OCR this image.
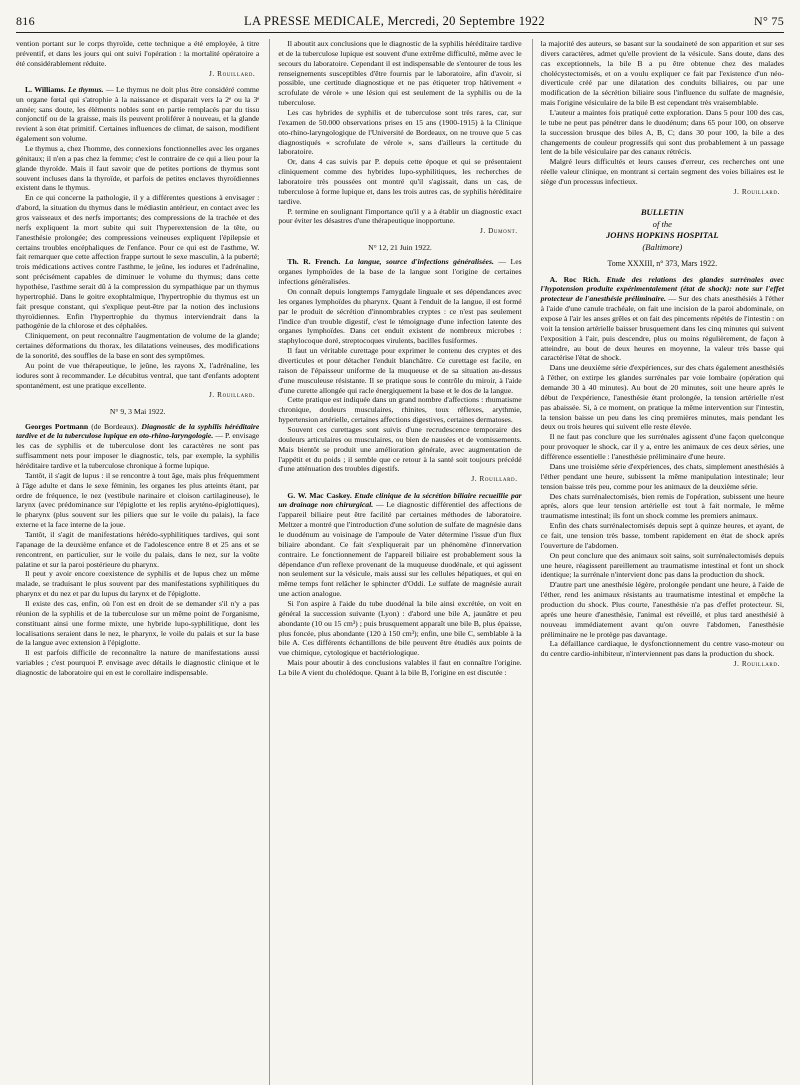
816	LA PRESSE MEDICALE, Mercredi, 20 Septembre 1922	N° 75

vention portant sur le corps thyroïde, cette technique a été employée, à titre préventif, et dans les jours qui ont suivi l'opération : la mortalité opératoire a été considérablement réduite.

J. Rouillard.

L. Williams. Le thymus. — Le thymus ne doit plus être considéré comme un organe fœtal qui s'atrophie à la naissance et disparait vers la 2ᵉ ou la 3ᵉ année; sans doute, les éléments nobles sont en partie remplacés par du tissu conjonctif ou de la graisse, mais ils peuvent proliférer à nouveau, et la glande revient à son état primitif. Certaines influences de climat, de saison, modifient également son volume.

Le thymus a, chez l'homme, des connexions fonctionnelles avec les organes génitaux; il n'en a pas chez la femme; c'est le contraire de ce qui a lieu pour la glande thyroïde. Mais il faut savoir que de petites portions de thymus sont souvent incluses dans la thyroïde, et parfois de petites enclaves thyroïdiennes existent dans le thymus.

En ce qui concerne la pathologie, il y a différentes questions à envisager : d'abord, la situation du thymus dans le médiastin antérieur, en contact avec les gros vaisseaux et des nerfs importants; des compressions de la trachée et des nerfs expliquent la mort subite qui suit l'hyperextension de la tête, ou l'anesthésie prolongée; des compressions veineuses expliquent l'épilepsie et certains troubles encéphaliques de l'enfance. Pour ce qui est de l'asthme, W. fait remarquer que cette affection frappe surtout le sexe masculin, à la puberté; trois médications actives contre l'asthme, le jeûne, les iodures et l'adrénaline, sont précisément capables de diminuer le volume du thymus; dans cette hypothèse, l'asthme serait dû à la compression du sympathique par un thymus hypertrophié. Dans le goitre exophtalmique, l'hypertrophie du thymus est un fait presque constant, qui s'explique peut-être par la notion des inclusions thyroïdiennes. Enfin l'hypertrophie du thymus interviendrait dans la pathogénie de la chlorose et des céphalées.

Cliniquement, on peut reconnaître l'augmentation de volume de la glande; certaines déformations du thorax, les dilatations veineuses, des modifications de la sonorité, des souffles de la base en sont des symptômes.

Au point de vue thérapeutique, le jeûne, les rayons X, l'adrénaline, les iodures sont à recommander. Le décubitus ventral, que tant d'enfants adoptent spontanément, est une pratique excellente.

J. Rouillard.
N° 9, 3 Mai 1922.

Georges Portmann (de Bordeaux). Diagnostic de la syphilis héréditaire tardive et de la tuberculose lupique en oto-rhino-laryngologie. — P. envisage les cas de syphilis et de tuberculose dont les caractères ne sont pas suffisamment nets pour imposer le diagnostic, tels, par exemple, la syphilis héréditaire tardive et la tuberculose chronique à forme lupique.

Tantôt, il s'agit de lupus : il se rencontre à tout âge, mais plus fréquemment à l'âge adulte et dans le sexe féminin, les organes les plus atteints étant, par ordre de fréquence, le nez (vestibule narinaire et cloison cartilagineuse), le larynx (avec prédominance sur l'épiglotte et les replis aryténo-épiglottiques), le pharynx (plus souvent sur les piliers que sur le voile du palais), la face externe et la face interne de la joue.

Tantôt, il s'agit de manifestations hérédo-syphilitiques tardives, qui sont l'apanage de la deuxième enfance et de l'adolescence entre 8 et 25 ans et se rencontrent, en particulier, sur le voile du palais, dans le nez, sur la voûte palatine et sur la paroi postérieure du pharynx.

Il peut y avoir encore coexistence de syphilis et de lupus chez un même malade, se traduisant le plus souvent par des manifestations syphilitiques du pharynx et du nez et par du lupus du larynx et de l'épiglotte.

Il existe des cas, enfin, où l'on est en droit de se demander s'il n'y a pas réunion de la syphilis et de la tuberculose sur un même point de l'organisme, constituant ainsi une forme mixte, une hybride lupo-syphilitique, dont les localisations seraient dans le nez, le pharynx, le voile du palais et sur la base de la langue avec extension à l'épiglotte.

Il est parfois difficile de reconnaître la nature de manifestations aussi variables ; c'est pourquoi P. envisage avec détails le diagnostic clinique et le diagnostic de laboratoire qui en est le corollaire indispensable.

Il aboutit aux conclusions que le diagnostic de la syphilis héréditaire tardive et de la tuberculose lupique est souvent d'une extrême difficulté, même avec le secours du laboratoire. Cependant il est indispensable de s'entourer de tous les renseignements susceptibles d'être fournis par le laboratoire, afin d'avoir, si possible, une certitude diagnostique et ne pas étiqueter trop hâtivement « scrofulate de vérole » une lésion qui est seulement de la syphilis ou de la tuberculose.

Les cas hybrides de syphilis et de tuberculose sont très rares, car, sur l'examen de 50.000 observations prises en 15 ans (1900-1915) à la Clinique oto-rhino-laryngologique de l'Université de Bordeaux, on ne trouve que 5 cas diagnostiqués « scrofulate de vérole », sans d'ailleurs la certitude du laboratoire.

Or, dans 4 cas suivis par P. depuis cette époque et qui se présentaient cliniquement comme des hybrides lupo-syphilitiques, les recherches de laboratoire très poussées ont montré qu'il s'agissait, dans un cas, de tuberculose à forme lupique et, dans les trois autres cas, de syphilis héréditaire tardive.

P. termine en soulignant l'importance qu'il y a à établir un diagnostic exact pour éviter les désastres d'une thérapeutique inopportune.

J. Dumont.
N° 12, 21 Juin 1922.

Th. R. French. La langue, source d'infections généralisées. — Les organes lymphoïdes de la base de la langue sont l'origine de certaines infections généralisées.

On connaît depuis longtemps l'amygdale linguale et ses dépendances avec les organes lymphoïdes du pharynx. Quant à l'enduit de la langue, il est formé par le produit de sécrétion d'innombrables cryptes : ce n'est pas seulement l'indice d'un trouble digestif, c'est le témoignage d'une infection latente des organes lymphoïdes. Dans cet enduit existent de nombreux microbes : staphylocoque doré, streptocoques virulents, bacilles fusiformes.

Il faut un véritable curettage pour exprimer le contenu des cryptes et des diverticules et pour détacher l'enduit blanchâtre. Ce curettage est facile, en raison de l'épaisseur uniforme de la muqueuse et de sa situation au-dessus d'une musculeuse résistante. Il se pratique sous le contrôle du miroir, à l'aide d'une curette allongée qui racle énergiquement la base et le dos de la langue.

Cette pratique est indiquée dans un grand nombre d'affections : rhumatisme chronique, douleurs musculaires, rhinites, toux réflexes, arythmie, hypertension artérielle, certaines affections digestives, certaines dermatoses.

Souvent ces curettages sont suivis d'une recrudescence temporaire des douleurs articulaires ou musculaires, ou bien de nausées et de vomissements. Mais bientôt se produit une amélioration générale, avec augmentation de l'appétit et du poids ; il semble que ce retour à la santé soit toujours précédé d'une atténuation des troubles digestifs.

J. Rouillard.

G. W. Mac Caskey. Etude clinique de la sécrétion biliaire recueillie par un drainage non chirurgical. — Le diagnostic différentiel des affections de l'appareil biliaire peut être facilité par certaines méthodes de laboratoire. Meltzer a montré que l'introduction d'une solution de sulfate de magnésie dans le duodénum au voisinage de l'ampoule de Vater détermine l'issue d'un flux biliaire abondant. Ce fait s'expliquerait par un phénomène d'innervation contraire. Le fonctionnement de l'appareil biliaire est probablement sous la dépendance d'un reflexe provenant de la muqueuse duodénale, et qui agissent non seulement sur la vésicule, mais aussi sur les cellules hépatiques, et qui en même temps font relâcher le sphincter d'Oddi. Le sulfate de magnésie aurait une action analogue.

Si l'on aspire à l'aide du tube duodénal la bile ainsi excrétée, on voit en général la succession suivante (Lyon) : d'abord une bile A, jaunâtre et peu abondante (10 ou 15 cm³) ; puis brusquement apparaît une bile B, plus épaisse, plus foncée, plus abondante (120 à 150 cm³); enfin, une bile C, semblable à la bile A. Ces différents échantillons de bile peuvent être étudiés aux points de vue chimique, cytologique et bactériologique.

Mais pour aboutir à des conclusions valables il faut en connaître l'origine. La bile A vient du cholédoque. Quant à la bile B, l'origine en est discutée :

la majorité des auteurs, se basant sur la soudaineté de son apparition et sur ses divers caractères, admet qu'elle provient de la vésicule. Sans doute, dans des cas exceptionnels, la bile B a pu être obtenue chez des malades cholécystectomisés, et on a voulu expliquer ce fait par l'existence d'un néo-diverticule créé par une dilatation des conduits biliaires, ou par une modification de la sécrétion biliaire sous l'influence du sulfate de magnésie, mais l'origine vésiculaire de la bile B est cependant très vraisemblable.

L'auteur a maintes fois pratiqué cette exploration. Dans 5 pour 100 des cas, le tube ne peut pas pénétrer dans le duodénum; dans 65 pour 100, on observe la succession brusque des biles A, B, C; dans 30 pour 100, la bile a des changements de couleur progressifs qui sont dus probablement à un passage lent de la bile vésiculaire par des canaux rétrécis.

Malgré leurs difficultés et leurs causes d'erreur, ces recherches ont une réelle valeur clinique, en montrant si certain segment des voies biliaires est le siège d'un processus infectieux.

J. Rouillard.
BULLETIN
of the
JOHNS HOPKINS HOSPITAL
(Baltimore)
Tome XXXIII, n° 373, Mars 1922.

A. Roc Rich. Etude des relations des glandes surrénales avec l'hypotension produite expérimentalement (état de shock): note sur l'effet protecteur de l'anesthésie préliminaire. — Sur des chats anesthésiés à l'éther à l'aide d'une canule trachéale, on fait une incision de la paroi abdominale, on expose à l'air les anses grêles et on fait des pincements répétés de l'intestin : on voit la tension artérielle baisser brusquement dans les cinq minutes qui suivent l'exposition à l'air, puis descendre, plus ou moins régulièrement, de façon à atteindre, au bout de deux heures en moyenne, la valeur très basse qui caractérise l'état de shock.

Dans une deuxième série d'expériences, sur des chats également anesthésiés à l'éther, on extirpe les glandes surrénales par voie lombaire (opération qui demande 30 à 40 minutes). Au bout de 20 minutes, soit une heure après le début de l'expérience, l'anesthésie étant prolongée, la tension artérielle n'est pas abaissée. Si, à ce moment, on pratique la même intervention sur l'intestin, la tension baisse un peu dans les cinq premières minutes, mais pendant les deux ou trois heures qui suivent elle reste élevée.

Il ne faut pas conclure que les surrénales agissent d'une façon quelconque pour provoquer le shock, car il y a, entre les animaux de ces deux séries, une différence essentielle : l'anesthésie préliminaire d'une heure.

Dans une troisième série d'expériences, des chats, simplement anesthésiés à l'éther pendant une heure, subissent la même manipulation intestinale; leur tension baisse très peu, comme pour les animaux de la deuxième série.

Des chats surrénalectomisés, bien remis de l'opération, subissent une heure après, alors que leur tension artérielle est tout à fait normale, le même traumatisme intestinal; ils font un shock comme les premiers animaux.

Enfin des chats surrénalectomisés depuis sept à quinze heures, et ayant, de ce fait, une tension très basse, tombent rapidement en état de shock après l'ouverture de l'abdomen.

On peut conclure que des animaux soit sains, soit surrénalectomisés depuis une heure, réagissent pareillement au traumatisme intestinal et font un shock identique; la surrénale n'intervient donc pas dans la production du shock.

D'autre part une anesthésie légère, prolongée pendant une heure, à l'aide de l'éther, rend les animaux résistants au traumatisme intestinal et empêche la production du shock. Plus courte, l'anesthésie n'a pas d'effet protecteur. Si, après une heure d'anesthésie, l'animal est réveillé, et plus tard anesthésié à nouveau immédiatement avant qu'on ouvre l'abdomen, l'anesthésie préliminaire ne le protège pas davantage.

La défaillance cardiaque, le dysfonctionnement du centre vaso-moteur ou du centre cardio-inhibiteur, n'interviennent pas dans la production du shock.

J. Rouillard.
